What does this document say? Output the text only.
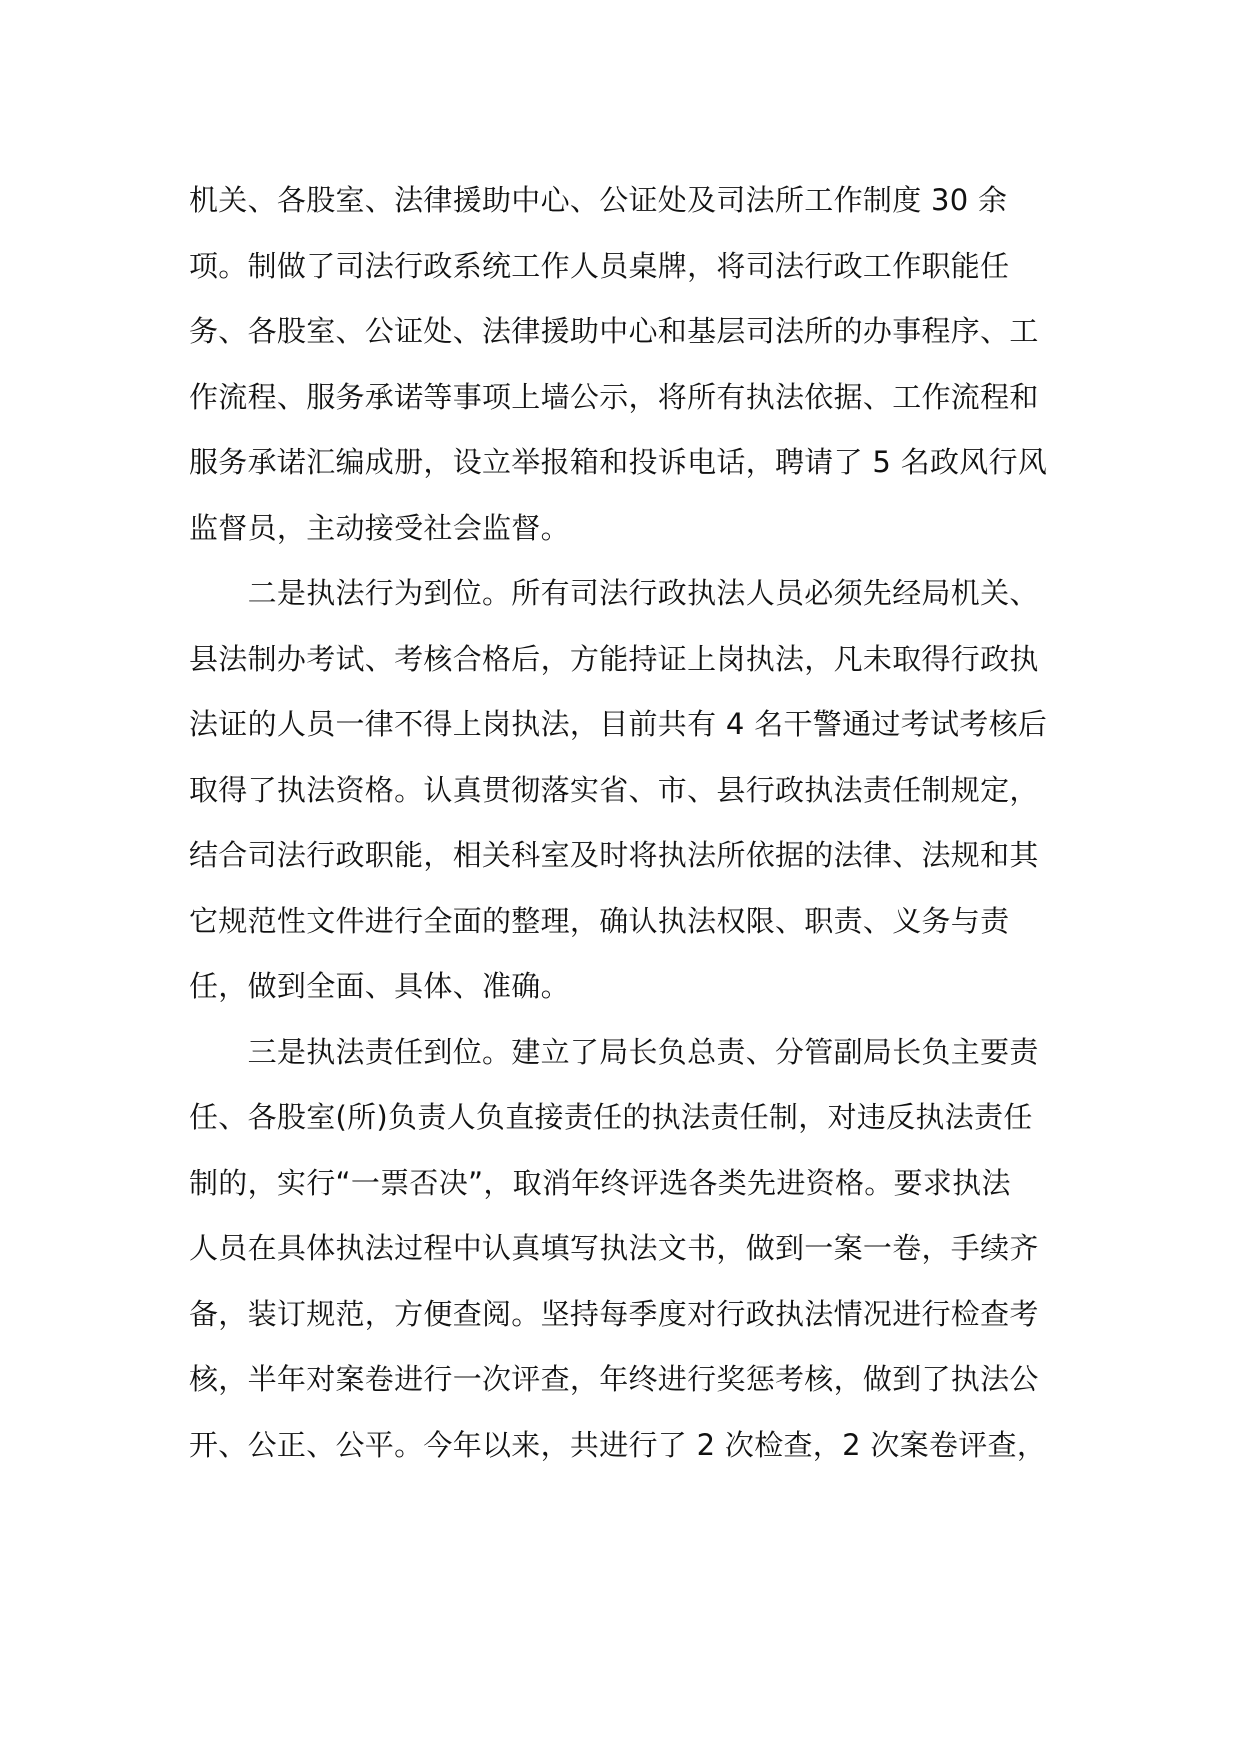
机关、各股室、法律援助中心、公证处及司法所工作制度 30 余
项。制做了司法行政系统工作人员桌牌，将司法行政工作职能任
务、各股室、公证处、法律援助中心和基层司法所的办事程序、工
作流程、服务承诺等事项上墙公示，将所有执法依据、工作流程和
服务承诺汇编成册，设立举报箱和投诉电话，聘请了 5 名政风行风
监督员，主动接受社会监督。
　　二是执法行为到位。所有司法行政执法人员必须先经局机关、
县法制办考试、考核合格后，方能持证上岗执法，凡未取得行政执
法证的人员一律不得上岗执法，目前共有 4 名干警通过考试考核后
取得了执法资格。认真贯彻落实省、市、县行政执法责任制规定，
结合司法行政职能，相关科室及时将执法所依据的法律、法规和其
它规范性文件进行全面的整理，确认执法权限、职责、义务与责
任，做到全面、具体、准确。
　　三是执法责任到位。建立了局长负总责、分管副局长负主要责
任、各股室(所)负责人负直接责任的执法责任制，对违反执法责任
制的，实行“一票否决”，取消年终评选各类先进资格。要求执法
人员在具体执法过程中认真填写执法文书，做到一案一卷，手续齐
备，装订规范，方便查阅。坚持每季度对行政执法情况进行检查考
核，半年对案卷进行一次评查，年终进行奖惩考核，做到了执法公
开、公正、公平。今年以来，共进行了 2 次检查，2 次案卷评查，
